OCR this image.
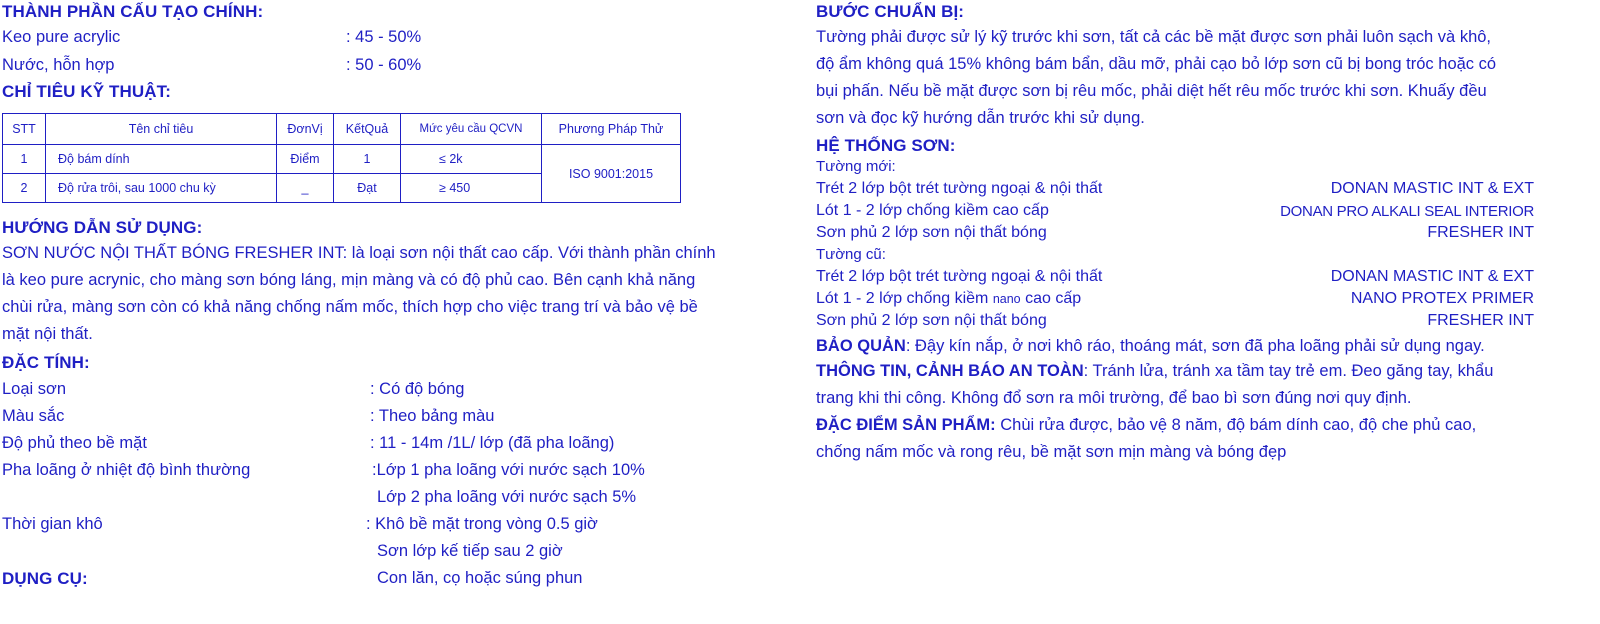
THÀNH PHẦN CẤU TẠO CHÍNH:
Keo pure acrylic	: 45 - 50%
Nước, hỗn hợp	: 50 - 60%
CHỈ TIÊU KỸ THUẬT:
STT	Tên chỉ tiêu	ĐơnVị	KếtQuả	Mức yêu cầu QCVN	Phương Pháp Thử
1	Độ bám dính	Điểm	1	≤ 2k	ISO 9001:2015
2	Độ rửa trôi, sau 1000 chu kỳ	_	Đạt	≥ 450	
HƯỚNG DẪN SỬ DỤNG:
SƠN NƯỚC NỘI THẤT BÓNG FRESHER INT: là loại sơn nội thất cao cấp. Với thành phần chính
là keo pure acrynic, cho màng sơn bóng láng, mịn màng và có độ phủ cao. Bên cạnh khả năng
chùi rửa, màng sơn còn có khả năng chống nấm mốc, thích hợp cho việc trang trí và bảo vệ bề
mặt nội thất.
ĐẶC TÍNH:
Loại sơn	: Có độ bóng
Màu sắc	: Theo bảng màu
Độ phủ theo bề mặt	: 11 - 14m /1L/ lớp (đã pha loãng)
Pha loãng ở nhiệt độ bình thường	:Lớp 1 pha loãng với nước sạch 10%
Lớp 2 pha loãng với nước sạch 5%
Thời gian khô	: Khô bề mặt trong vòng 0.5 giờ
Sơn lớp kế tiếp sau 2 giờ
DỤNG CỤ:	Con lăn, cọ hoặc súng phun
BƯỚC CHUẨN BỊ:
Tường phải được sử lý kỹ trước khi sơn, tất cả các bề mặt được sơn phải luôn sạch và khô,
độ ẩm không quá 15% không bám bẩn, dầu mỡ, phải cạo bỏ lớp sơn cũ bị bong tróc hoặc có
bụi phấn. Nếu bề mặt được sơn bị rêu mốc, phải diệt hết rêu mốc trước khi sơn. Khuấy đều
sơn và đọc kỹ hướng dẫn trước khi sử dụng.
HỆ THỐNG SƠN:
Tường mới:
Trét 2 lớp bột trét tường ngoại & nội thất	DONAN MASTIC INT & EXT
Lót 1 - 2 lớp chống kiềm cao cấp	DONAN PRO ALKALI SEAL INTERIOR
Sơn phủ 2 lớp sơn nội thất bóng	FRESHER INT
Tường cũ:
Trét 2 lớp bột trét tường ngoại & nội thất	DONAN MASTIC INT & EXT
Lót 1 - 2 lớp chống kiềm nano cao cấp	NANO PROTEX PRIMER
Sơn phủ 2 lớp sơn nội thất bóng	FRESHER INT
BẢO QUẢN: Đậy kín nắp, ở nơi khô ráo, thoáng mát, sơn đã pha loãng phải sử dụng ngay.
THÔNG TIN, CẢNH BÁO AN TOÀN: Tránh lửa, tránh xa tầm tay trẻ em. Đeo găng tay, khẩu
trang khi thi công. Không đổ sơn ra môi trường, để bao bì sơn đúng nơi quy định.
ĐẶC ĐIỂM SẢN PHẨM: Chùi rửa được, bảo vệ 8 năm, độ bám dính cao, độ che phủ cao,
chống nấm mốc và rong rêu, bề mặt sơn mịn màng và bóng đẹp
